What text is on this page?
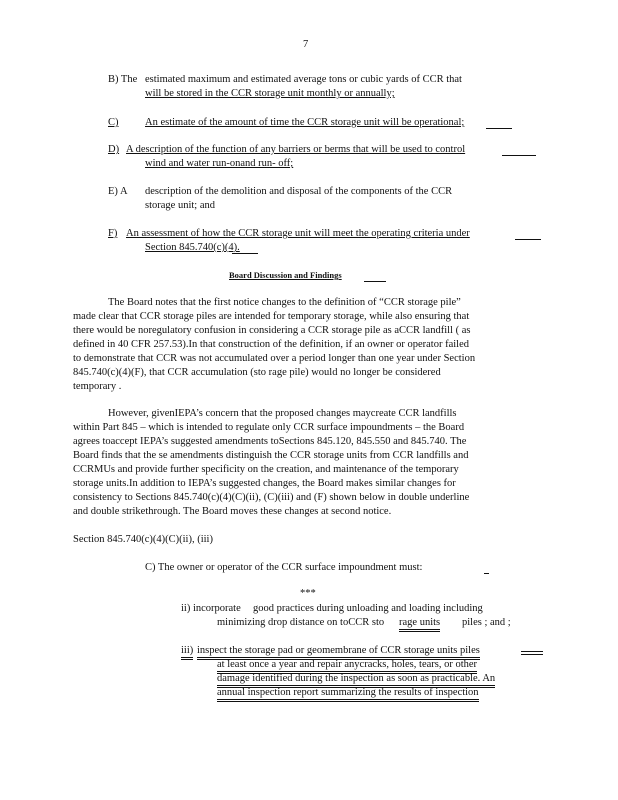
7
B) The estimated maximum and estimated average tons or cubic yards of CCR that
will be stored in the CCR storage unit monthly or annually;
C)	An estimate of the amount of time the CCR storage unit will be operational;
D) A description of the function of any barriers or berms that will be used to control
wind and water run-onand run- off;
E) A description of the demolition and disposal of the components of the CCR
storage unit; and
F) An assessment of how the CCR storage unit will meet the operating criteria under
Section 845.740(c)(4).
Board Discussion and Findings
The Board notes that the first notice changes to the definition of “CCR storage pile”
made clear that CCR storage piles are intended for temporary storage, while also ensuring that
there would be noregulatory confusion in considering a CCR storage pile as aCCR landfill ( as
defined in 40 CFR 257.53).In that construction of the definition, if an owner or operator failed
to demonstrate that CCR was not accumulated over a period longer than one year under Section
845.740(c)(4)(F), that CCR accumulation (sto rage pile) would no longer be considered
temporary .
However, givenIEPA’s concern that the proposed changes maycreate CCR landfills
within Part 845 – which is intended to regulate only CCR surface impoundments – the Board
agrees toaccept IEPA’s suggested amendments toSections 845.120, 845.550 and 845.740. The
Board finds that the se amendments distinguish the CCR storage units from CCR landfills and
CCRMUs and provide further specificity on the creation, and maintenance of the temporary
storage units.In addition to IEPA’s suggested changes, the Board makes similar changes for
consistency to Sections 845.740(c)(4)(C)(ii), (C)(iii) and (F) shown below in double underline
and double strikethrough. The Board moves these changes at second notice.
Section 845.740(c)(4)(C)(ii), (iii)
C) The owner or operator of the CCR surface impoundment must:
***
ii) incorporate good practices during unloading and loading including
minimizing drop distance on toCCR sto rage units piles ; and ;
iii) inspect the storage pad or geomembrane of CCR storage units piles
at least once a year and repair anycracks, holes, tears, or other
damage identified during the inspection as soon as practicable. An
annual inspection report summarizing the results of inspection
